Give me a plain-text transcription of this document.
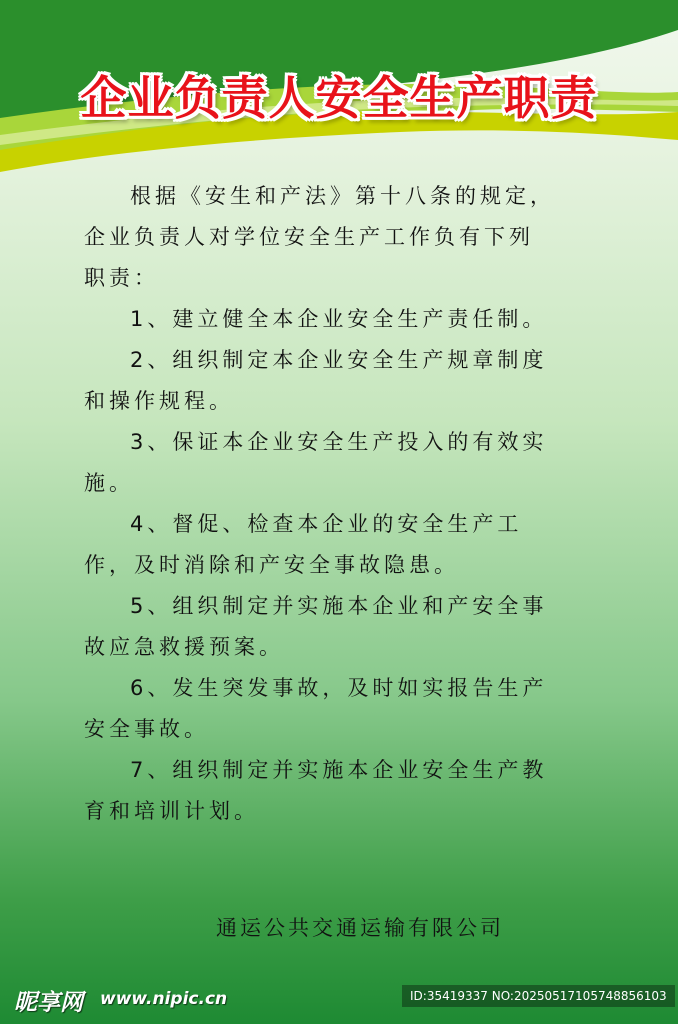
企业负责人安全生产职责

根据《安生和产法》第十八条的规定，

企业负责人对学位安全生产工作负有下列

职责：

1、建立健全本企业安全生产责任制。

2、组织制定本企业安全生产规章制度

和操作规程。

3、保证本企业安全生产投入的有效实

施。

4、督促、检查本企业的安全生产工

作，及时消除和产安全事故隐患。

5、组织制定并实施本企业和产安全事

故应急救援预案。

6、发生突发事故，及时如实报告生产

安全事故。

7、组织制定并实施本企业安全生产教

育和培训计划。

通运公共交通运输有限公司
昵享网 www.nipic.cn	ID:35419337 NO:20250517105748856103
